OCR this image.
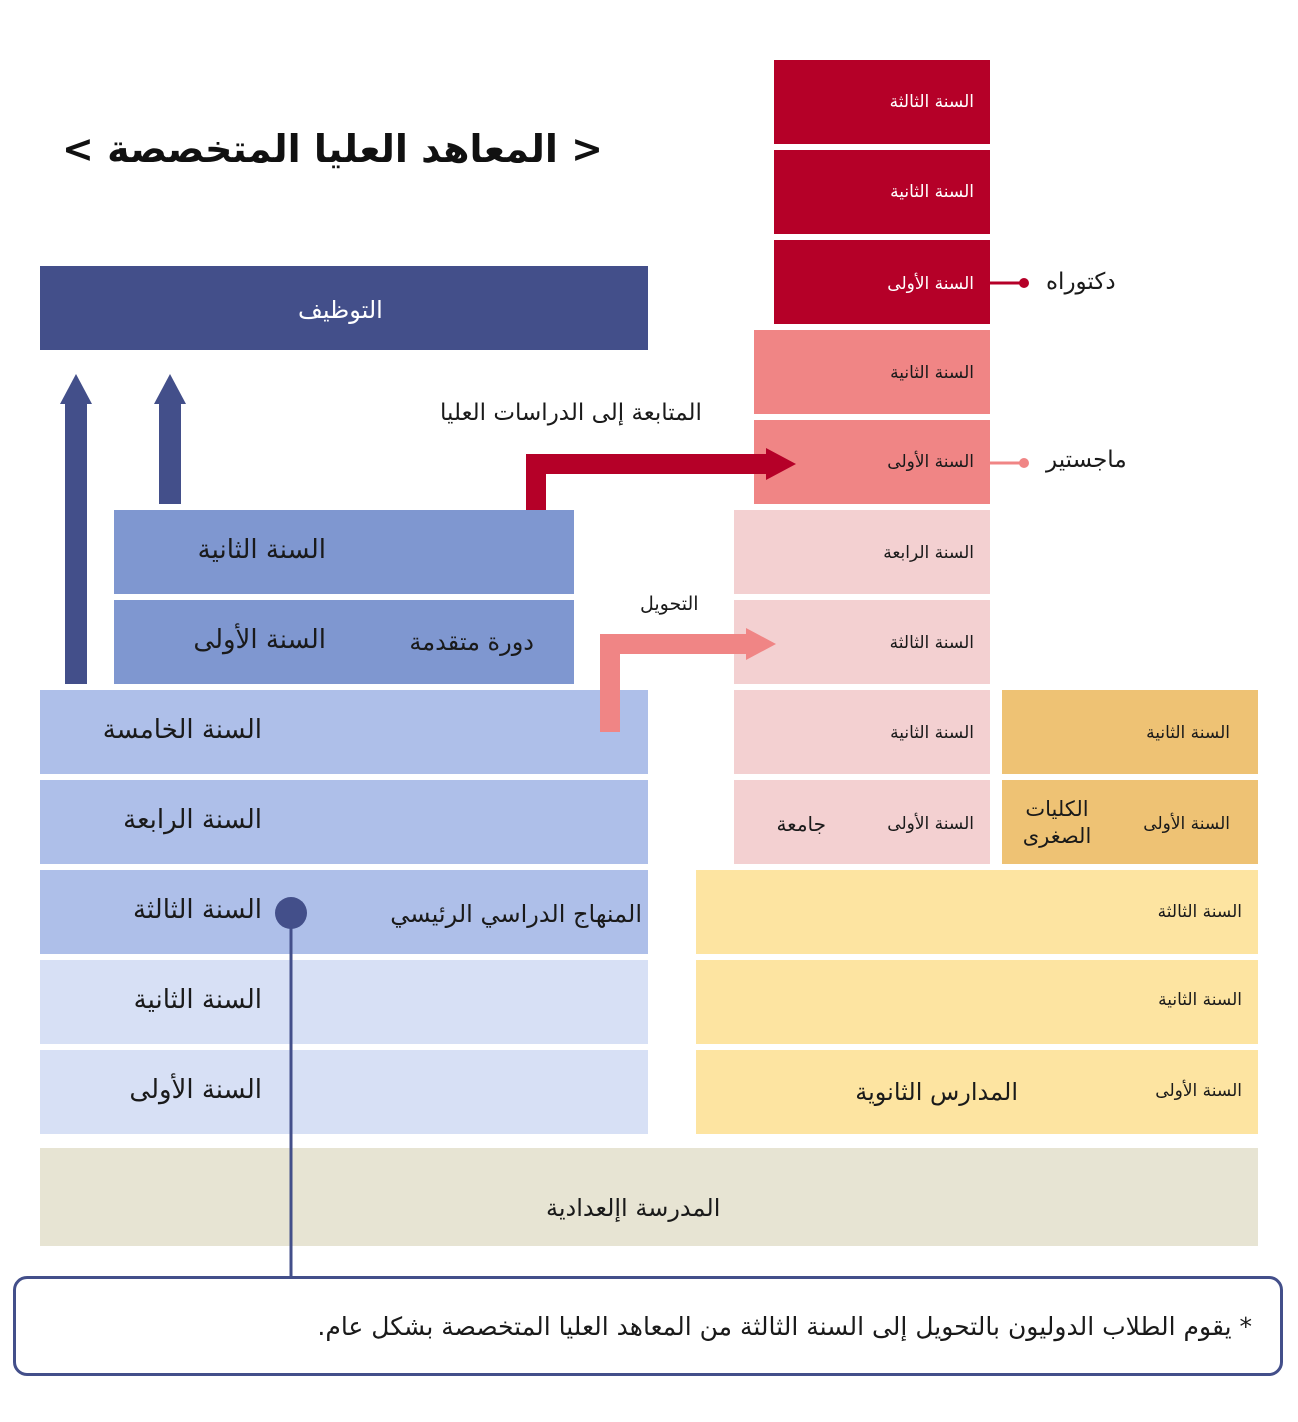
< المعاهد العليا المتخصصة >
التوظيف
السنة الثانية
السنة الأولى	دورة متقدمة
السنة الخامسة
السنة الرابعة
السنة الثالثة	المنهاج الدراسي الرئيسي
السنة الثانية
السنة الأولى
السنة الثالثة
السنة الثانية
السنة الأولى
السنة الثانية
السنة الأولى
السنة الرابعة
السنة الثالثة
السنة الثانية
السنة الأولى
جامعة
السنة الثانية
السنة الأولى
الكليات الصغرى
السنة الثالثة
السنة الثانية
السنة الأولى
المدارس الثانوية
المدرسة اإلعدادية
المتابعة إلى الدراسات العليا
التحويل
دكتوراه
ماجستير
* يقوم الطلاب الدوليون بالتحويل إلى السنة الثالثة من المعاهد العليا المتخصصة بشكل عام.
